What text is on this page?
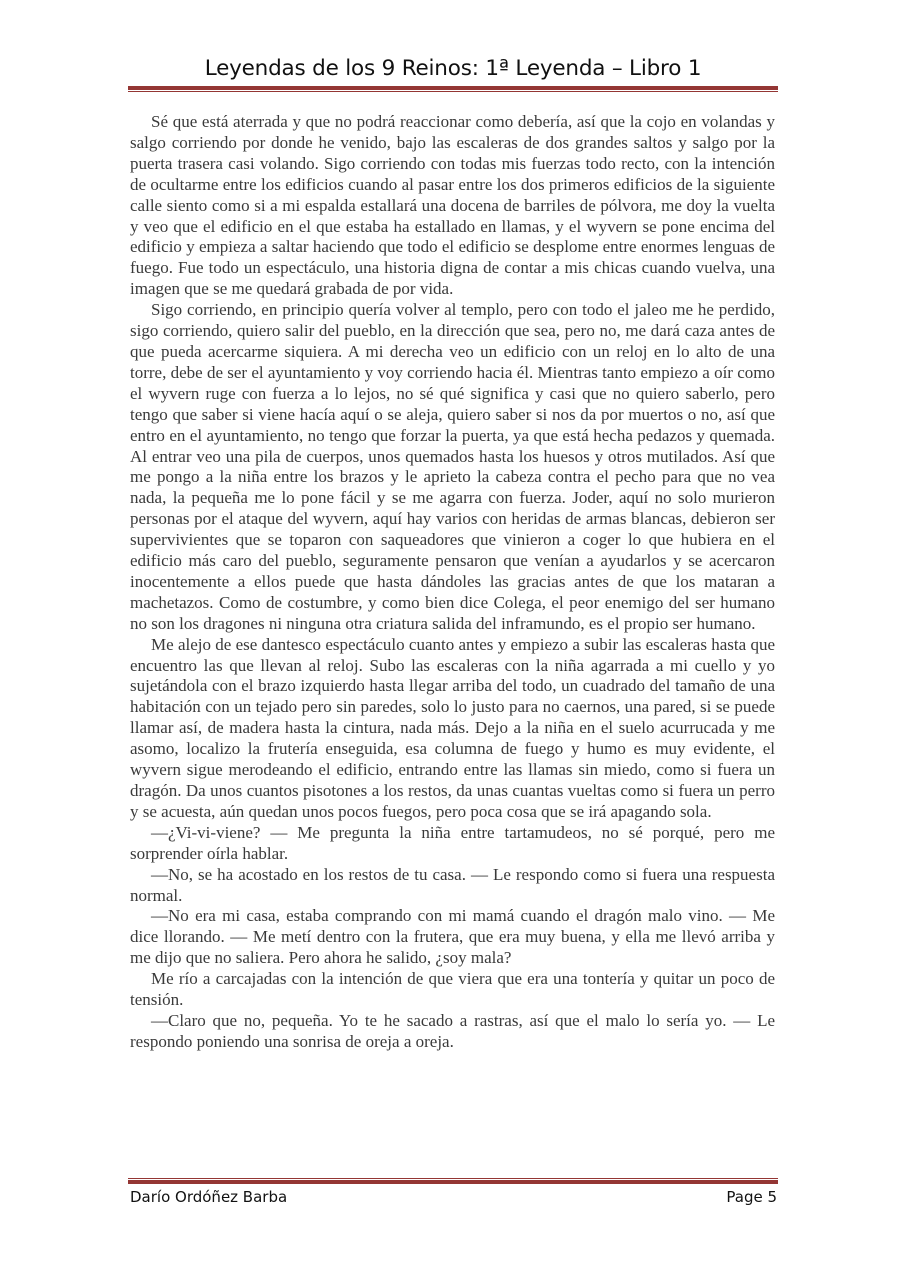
Leyendas de los 9 Reinos: 1ª Leyenda – Libro 1

Sé que está aterrada y que no podrá reaccionar como debería, así que la cojo en volandas y salgo corriendo por donde he venido, bajo las escaleras de dos grandes saltos y salgo por la puerta trasera casi volando. Sigo corriendo con todas mis fuerzas todo recto, con la intención de ocultarme entre los edificios cuando al pasar entre los dos primeros edificios de la siguiente calle siento como si a mi espalda estallará una docena de barriles de pólvora, me doy la vuelta y veo que el edificio en el que estaba ha estallado en llamas, y el wyvern se pone encima del edificio y empieza a saltar haciendo que todo el edificio se desplome entre enormes lenguas de fuego. Fue todo un espectáculo, una historia digna de contar a mis chicas cuando vuelva, una imagen que se me quedará grabada de por vida.

Sigo corriendo, en principio quería volver al templo, pero con todo el jaleo me he perdido, sigo corriendo, quiero salir del pueblo, en la dirección que sea, pero no, me dará caza antes de que pueda acercarme siquiera. A mi derecha veo un edificio con un reloj en lo alto de una torre, debe de ser el ayuntamiento y voy corriendo hacia él. Mientras tanto empiezo a oír como el wyvern ruge con fuerza a lo lejos, no sé qué significa y casi que no quiero saberlo, pero tengo que saber si viene hacía aquí o se aleja, quiero saber si nos da por muertos o no, así que entro en el ayuntamiento, no tengo que forzar la puerta, ya que está hecha pedazos y quemada. Al entrar veo una pila de cuerpos, unos quemados hasta los huesos y otros mutilados. Así que me pongo a la niña entre los brazos y le aprieto la cabeza contra el pecho para que no vea nada, la pequeña me lo pone fácil y se me agarra con fuerza. Joder, aquí no solo murieron personas por el ataque del wyvern, aquí hay varios con heridas de armas blancas, debieron ser supervivientes que se toparon con saqueadores que vinieron a coger lo que hubiera en el edificio más caro del pueblo, seguramente pensaron que venían a ayudarlos y se acercaron inocentemente a ellos puede que hasta dándoles las gracias antes de que los mataran a machetazos. Como de costumbre, y como bien dice Colega, el peor enemigo del ser humano no son los dragones ni ninguna otra criatura salida del inframundo, es el propio ser humano.

Me alejo de ese dantesco espectáculo cuanto antes y empiezo a subir las escaleras hasta que encuentro las que llevan al reloj. Subo las escaleras con la niña agarrada a mi cuello y yo sujetándola con el brazo izquierdo hasta llegar arriba del todo, un cuadrado del tamaño de una habitación con un tejado pero sin paredes, solo lo justo para no caernos, una pared, si se puede llamar así, de madera hasta la cintura, nada más. Dejo a la niña en el suelo acurrucada y me asomo, localizo la frutería enseguida, esa columna de fuego y humo es muy evidente, el wyvern sigue merodeando el edificio, entrando entre las llamas sin miedo, como si fuera un dragón. Da unos cuantos pisotones a los restos, da unas cuantas vueltas como si fuera un perro y se acuesta, aún quedan unos pocos fuegos, pero poca cosa que se irá apagando sola.

—¿Vi-vi-viene? — Me pregunta la niña entre tartamudeos, no sé porqué, pero me sorprender oírla hablar.

—No, se ha acostado en los restos de tu casa. — Le respondo como si fuera una respuesta normal.

—No era mi casa, estaba comprando con mi mamá cuando el dragón malo vino. — Me dice llorando. — Me metí dentro con la frutera, que era muy buena, y ella me llevó arriba y me dijo que no saliera. Pero ahora he salido, ¿soy mala?

Me río a carcajadas con la intención de que viera que era una tontería y quitar un poco de tensión.

—Claro que no, pequeña. Yo te he sacado a rastras, así que el malo lo sería yo. — Le respondo poniendo una sonrisa de oreja a oreja.

Darío Ordóñez Barba	Page 5
